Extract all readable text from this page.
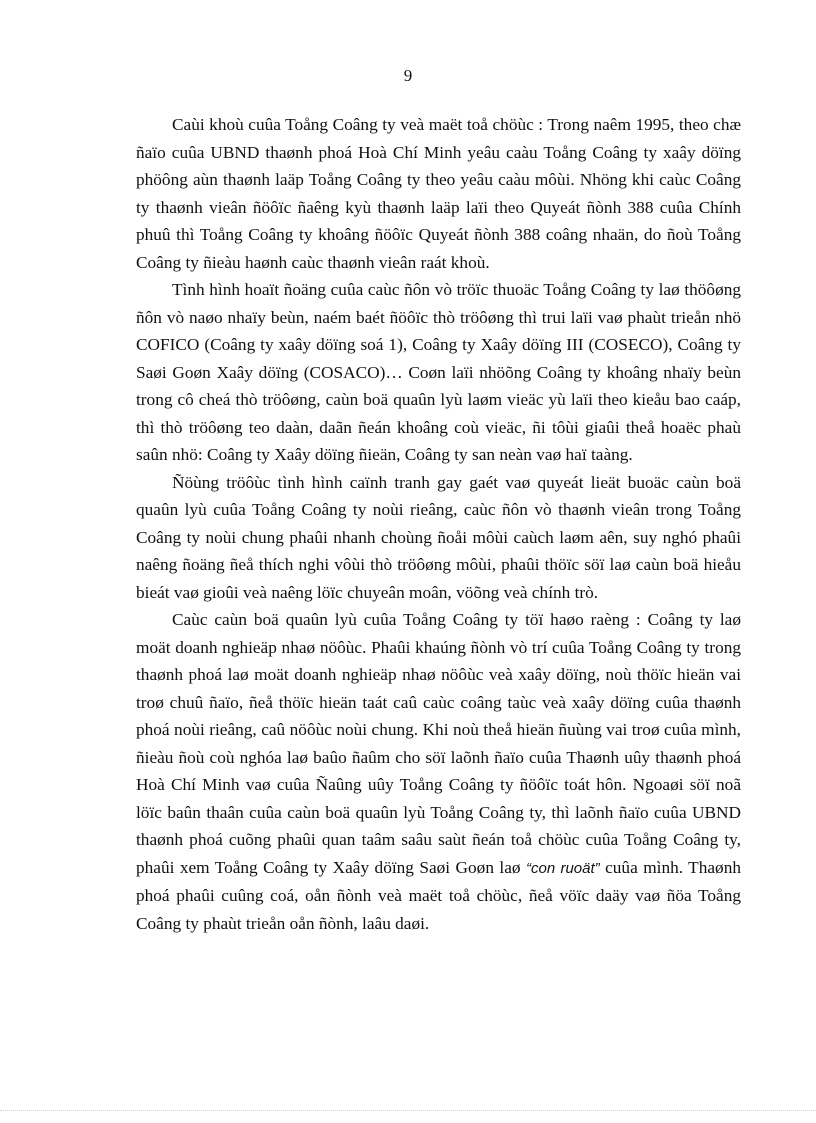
9

Caùi khoù cuûa Toång Coâng ty veà maët toå chöùc : Trong naêm 1995, theo chæ ñaïo cuûa UBND thaønh phoá Hoà Chí Minh yeâu caàu Toång Coâng ty xaây döïng phöông aùn thaønh laäp Toång Coâng ty theo yeâu caàu môùi. Nhöng khi caùc Coâng ty thaønh vieân ñöôïc ñaêng kyù thaønh laäp laïi theo Quyeát ñònh 388 cuûa Chính phuû thì Toång Coâng ty khoâng ñöôïc Quyeát ñònh 388 coâng nhaän, do ñoù Toång Coâng ty ñieàu haønh caùc thaønh vieân raát khoù.

Tình hình hoaït ñoäng cuûa caùc ñôn vò tröïc thuoäc Toång Coâng ty laø thöôøng ñôn vò naøo nhaïy beùn, naém baét ñöôïc thò tröôøng thì trui laïi vaø phaùt trieån nhö COFICO (Coâng ty xaây döïng soá 1), Coâng ty Xaây döïng III (COSECO), Coâng ty Saøi Goøn Xaây döïng (COSACO)… Coøn laïi nhöõng Coâng ty khoâng nhaïy beùn trong cô cheá thò tröôøng, caùn boä quaûn lyù laøm vieäc yù laïi theo kieåu bao caáp, thì thò tröôøng teo daàn, daãn ñeán khoâng coù vieäc, ñi tôùi giaûi theå hoaëc phaù saûn nhö: Coâng ty Xaây döïng ñieän, Coâng ty san neàn vaø haï taàng.

Ñöùng tröôùc tình hình caïnh tranh gay gaét vaø quyeát lieät buoäc caùn boä quaûn lyù cuûa Toång Coâng ty noùi rieâng, caùc ñôn vò thaønh vieân trong Toång Coâng ty noùi chung phaûi nhanh choùng ñoåi môùi caùch laøm aên, suy nghó phaûi naêng ñoäng ñeå thích nghi vôùi thò tröôøng môùi, phaûi thöïc söï laø caùn boä hieåu bieát vaø gioûi veà naêng löïc chuyeân moân, vöõng veà chính trò.

Caùc caùn boä quaûn lyù cuûa Toång Coâng ty töï haøo raèng : Coâng ty laø moät doanh nghieäp nhaø nöôùc. Phaûi khaúng ñònh vò trí cuûa Toång Coâng ty trong thaønh phoá laø moät doanh nghieäp nhaø nöôùc veà xaây döïng, noù thöïc hieän vai troø chuû ñaïo, ñeå thöïc hieän taát caû caùc coâng taùc veà xaây döïng cuûa thaønh phoá noùi rieâng, caû nöôùc noùi chung. Khi noù theå hieän ñuùng vai troø cuûa mình, ñieàu ñoù coù nghóa laø baûo ñaûm cho söï laõnh ñaïo cuûa Thaønh uûy thaønh phoá Hoà Chí Minh vaø cuûa Ñaûng uûy Toång Coâng ty ñöôïc toát hôn. Ngoaøi söï noã löïc baûn thaân cuûa caùn boä quaûn lyù Toång Coâng ty, thì laõnh ñaïo cuûa UBND thaønh phoá cuõng phaûi quan taâm saâu saùt ñeán toå chöùc cuûa Toång Coâng ty, phaûi xem Toång Coâng ty Xaây döïng Saøi Goøn laø “con ruoät” cuûa mình. Thaønh phoá phaûi cuûng coá, oån ñònh veà maët toå chöùc, ñeå vöïc daäy vaø ñöa Toång Coâng ty phaùt trieån oån ñònh, laâu daøi.
